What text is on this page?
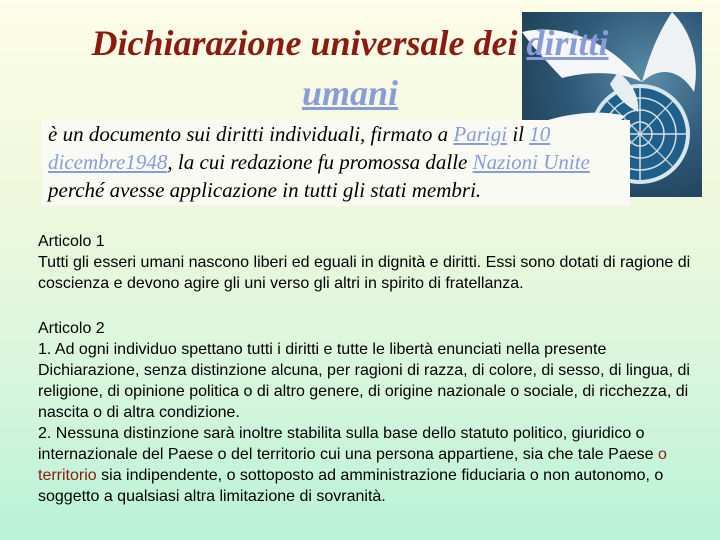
Dichiarazione universale dei diritti
umani

è un documento sui diritti individuali, firmato a Parigi il 10 dicembre1948, la cui redazione fu promossa dalle Nazioni Unite perché avesse applicazione in tutti gli stati membri.

Articolo 1
Tutti gli esseri umani nascono liberi ed eguali in dignità e diritti. Essi sono dotati di ragione di coscienza e devono agire gli uni verso gli altri in spirito di fratellanza.
Articolo 2
1. Ad ogni individuo spettano tutti i diritti e tutte le libertà enunciati nella presente Dichiarazione, senza distinzione alcuna, per ragioni di razza, di colore, di sesso, di lingua, di religione, di opinione politica o di altro genere, di origine nazionale o sociale, di ricchezza, di nascita o di altra condizione.
2. Nessuna distinzione sarà inoltre stabilita sulla base dello statuto politico, giuridico o internazionale del Paese o del territorio cui una persona appartiene, sia che tale Paese o territorio sia indipendente, o sottoposto ad amministrazione fiduciaria o non autonomo, o soggetto a qualsiasi altra limitazione di sovranità.
